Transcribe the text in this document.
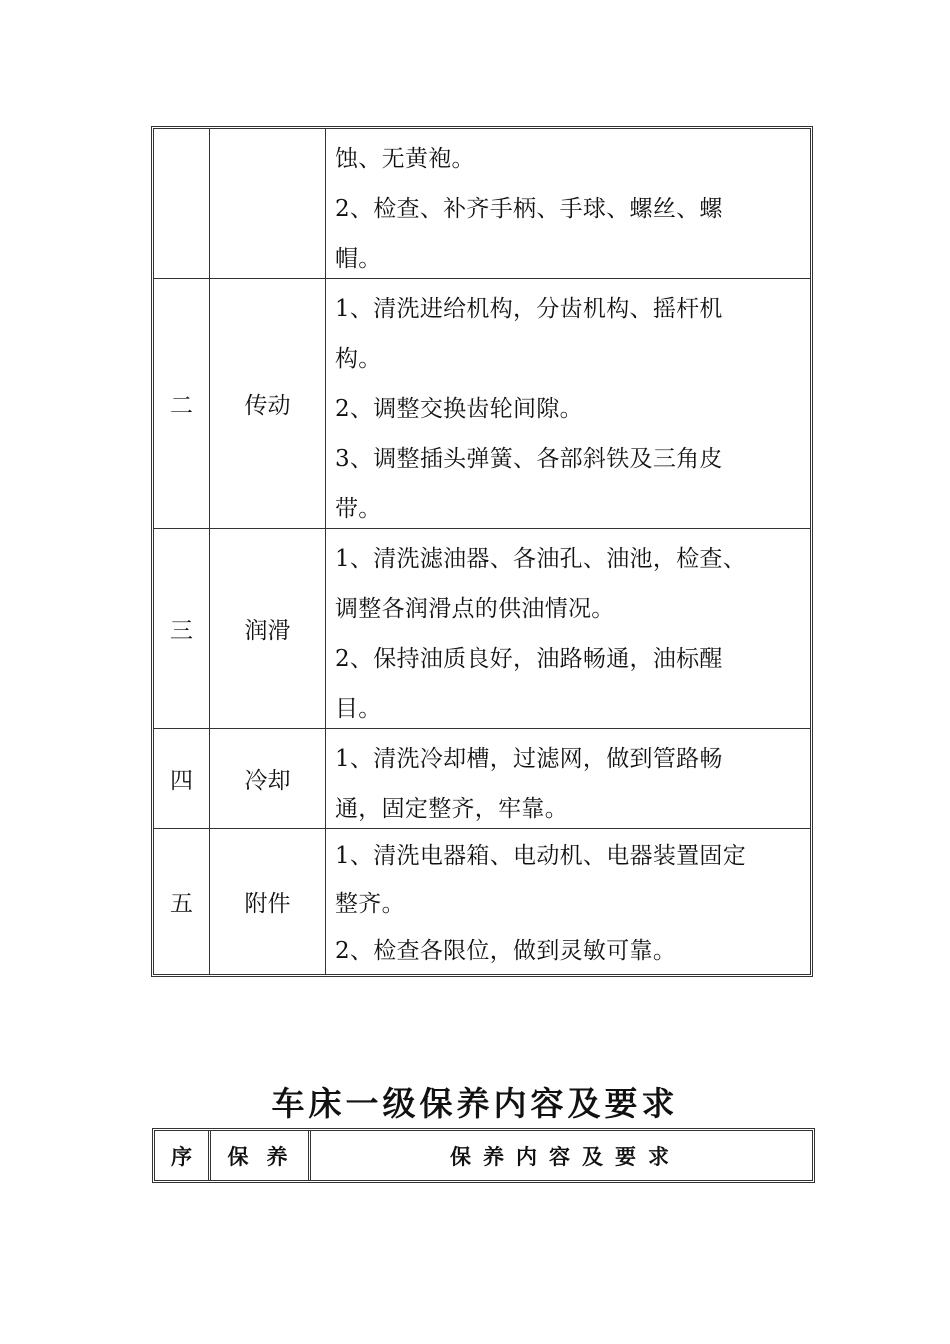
蚀、无黄袍。

2、检查、补齐手柄、手球、螺丝、螺

帽。

二	传动

1、清洗进给机构，分齿机构、摇杆机

构。

2、调整交换齿轮间隙。

3、调整插头弹簧、各部斜铁及三角皮

带。

三	润滑

1、清洗滤油器、各油孔、油池，检查、

调整各润滑点的供油情况。

2、保持油质良好，油路畅通，油标醒

目。

四	冷却

1、清洗冷却槽，过滤网，做到管路畅

通，固定整齐，牢靠。

五	附件

1、清洗电器箱、电动机、电器装置固定

整齐。

2、检查各限位，做到灵敏可靠。

车床一级保养内容及要求
序	保养	保养内容及要求
